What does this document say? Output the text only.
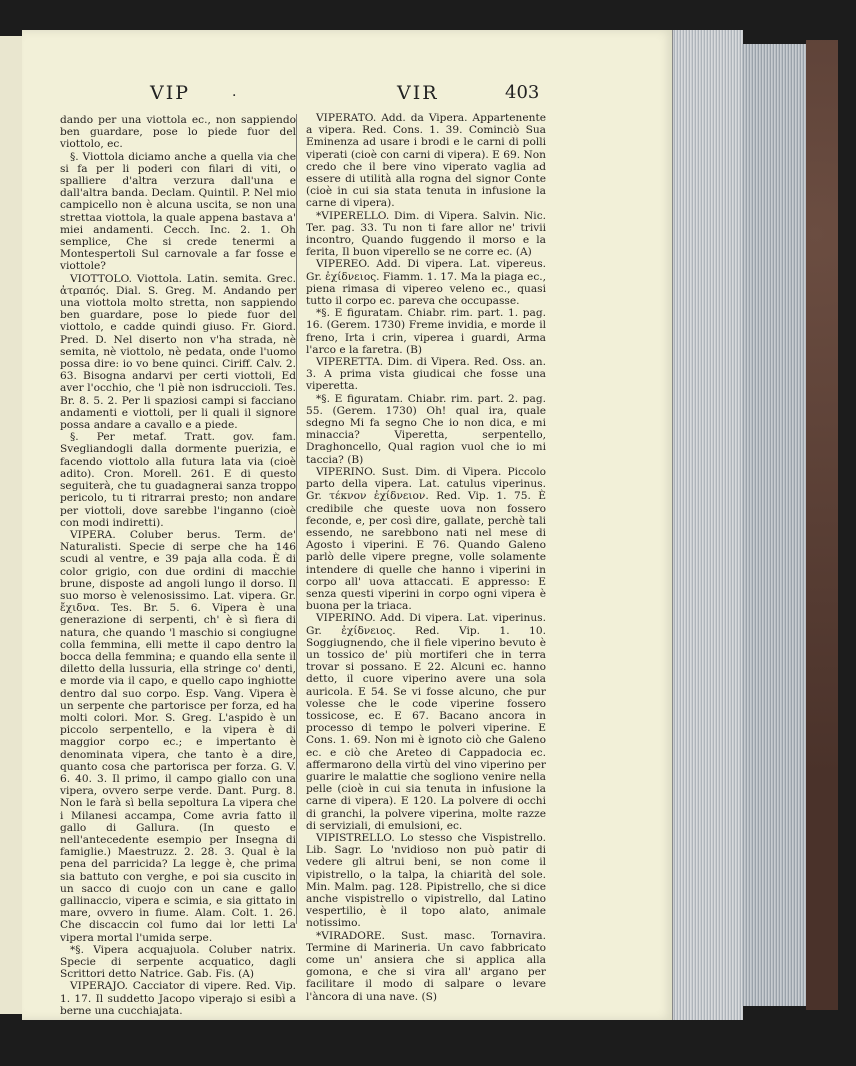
VIP	·	VIR	403

dando per una viottola ec., non sappiendo ben guardare, pose lo piede fuor del viottolo, ec.

§. Viottola diciamo anche a quella via che si fa per li poderi con filari di viti, o spalliere d'altra verzura dall'una e dall'altra banda. Declam. Quintil. P. Nel mio campicello non è alcuna uscita, se non una strettaa viottola, la quale appena bastava a' miei andamenti. Cecch. Inc. 2. 1. Oh semplice, Che si crede tenermi a Montespertoli Sul carnovale a far fosse e viottole?

VIOTTOLO. Viottola. Latin. semita. Grec. ἀτραπός. Dial. S. Greg. M. Andando per una viottola molto stretta, non sappiendo ben guardare, pose lo piede fuor del viottolo, e cadde quindi giuso. Fr. Giord. Pred. D. Nel diserto non v'ha strada, nè semita, nè viottolo, nè pedata, onde l'uomo possa dire: io vo bene quinci. Ciriff. Calv. 2. 63. Bisogna andarvi per certi viottoli, Ed aver l'occhio, che 'l piè non isdruccioli. Tes. Br. 8. 5. 2. Per li spaziosi campi si facciano andamenti e viottoli, per li quali il signore possa andare a cavallo e a piede.

§. Per metaf. Tratt. gov. fam. Svegliandogli dalla dormente puerizia, e facendo viottolo alla futura lata via (cioè adito). Cron. Morell. 261. E di questo seguiterà, che tu guadagnerai sanza troppo pericolo, tu ti ritrarrai presto; non andare per viottoli, dove sarebbe l'inganno (cioè con modi indiretti).

VIPERA. Coluber berus. Term. de' Naturalisti. Specie di serpe che ha 146 scudi al ventre, e 39 paja alla coda. È di color grigio, con due ordini di macchie brune, disposte ad angoli lungo il dorso. Il suo morso è velenosissimo. Lat. vipera. Gr. ἔχιδνα. Tes. Br. 5. 6. Vipera è una generazione di serpenti, ch' è sì fiera di natura, che quando 'l maschio si congiugne colla femmina, elli mette il capo dentro la bocca della femmina; e quando ella sente il diletto della lussuria, ella stringe co' denti, e morde via il capo, e quello capo inghiotte dentro dal suo corpo. Esp. Vang. Vipera è un serpente che partorisce per forza, ed ha molti colori. Mor. S. Greg. L'aspido è un piccolo serpentello, e la vipera è di maggior corpo ec.; e impertanto è denominata vipera, che tanto è a dire, quanto cosa che partorisca per forza. G. V. 6. 40. 3. Il primo, il campo giallo con una vipera, ovvero serpe verde. Dant. Purg. 8. Non le farà sì bella sepoltura La vipera che i Milanesi accampa, Come avria fatto il gallo di Gallura. (In questo e nell'antecedente esempio per Insegna di famiglie.) Maestruzz. 2. 28. 3. Qual è la pena del parricida? La legge è, che prima sia battuto con verghe, e poi sia cuscito in un sacco di cuojo con un cane e gallo gallinaccio, vipera e scimia, e sia gittato in mare, ovvero in fiume. Alam. Colt. 1. 26. Che discaccin col fumo dai lor letti La vipera mortal l'umida serpe.

*§. Vipera acquajuola. Coluber natrix. Specie di serpente acquatico, dagli Scrittori detto Natrice. Gab. Fis. (A)

VIPERAJO. Cacciator di vipere. Red. Vip. 1. 17. Il suddetto Jacopo viperajo si esibì a berne una cucchiajata.

VIPERATO. Add. da Vipera. Appartenente a vipera. Red. Cons. 1. 39. Cominciò Sua Eminenza ad usare i brodi e le carni di polli viperati (cioè con carni di vipera). E 69. Non credo che il bere vino viperato vaglia ad essere di utilità alla rogna del signor Conte (cioè in cui sia stata tenuta in infusione la carne di vipera).

*VIPERELLO. Dim. di Vipera. Salvin. Nic. Ter. pag. 33. Tu non ti fare allor ne' trivii incontro, Quando fuggendo il morso e la ferita, Il buon viperello se ne corre ec. (A)

VIPEREO. Add. Di vipera. Lat. vipereus. Gr. ἐχίδνειος. Fiamm. 1. 17. Ma la piaga ec., piena rimasa di vipereo veleno ec., quasi tutto il corpo ec. pareva che occupasse.

*§. E figuratam. Chiabr. rim. part. 1. pag. 16. (Gerem. 1730) Freme invidia, e morde il freno, Irta i crin, viperea i guardi, Arma l'arco e la faretra. (B)

VIPERETTA. Dim. di Vipera. Red. Oss. an. 3. A prima vista giudicai che fosse una viperetta.

*§. E figuratam. Chiabr. rim. part. 2. pag. 55. (Gerem. 1730) Oh! qual ira, quale sdegno Mi fa segno Che io non dica, e mi minaccia? Viperetta, serpentello, Draghoncello, Qual ragion vuol che io mi taccia? (B)

VIPERINO. Sust. Dim. di Vipera. Piccolo parto della vipera. Lat. catulus viperinus. Gr. τέκνον ἐχίδνειον. Red. Vip. 1. 75. È credibile che queste uova non fossero feconde, e, per così dire, gallate, perchè tali essendo, ne sarebbono nati nel mese di Agosto i viperini. E 76. Quando Galeno parlò delle vipere pregne, volle solamente intendere di quelle che hanno i viperini in corpo all' uova attaccati. E appresso: E senza questi viperini in corpo ogni vipera è buona per la triaca.

VIPERINO. Add. Di vipera. Lat. viperinus. Gr. ἐχίδνειος. Red. Vip. 1. 10. Soggiugnendo, che il fiele viperino bevuto è un tossico de' più mortiferi che in terra trovar si possano. E 22. Alcuni ec. hanno detto, il cuore viperino avere una sola auricola. E 54. Se vi fosse alcuno, che pur volesse che le code viperine fossero tossicose, ec. E 67. Bacano ancora in processo di tempo le polveri viperine. E Cons. 1. 69. Non mi è ignoto ciò che Galeno ec. e ciò che Areteo di Cappadocia ec. affermarono della virtù del vino viperino per guarire le malattie che sogliono venire nella pelle (cioè in cui sia tenuta in infusione la carne di vipera). E 120. La polvere di occhi di granchi, la polvere viperina, molte razze di serviziali, di emulsioni, ec.

VIPISTRELLO. Lo stesso che Vispistrello. Lib. Sagr. Lo 'nvidioso non può patir di vedere gli altrui beni, se non come il vipistrello, o la talpa, la chiarità del sole. Min. Malm. pag. 128. Pipistrello, che si dice anche vispistrello o vipistrello, dal Latino vespertilio, è il topo alato, animale notissimo.

*VIRADORE. Sust. masc. Tornavira. Termine di Marineria. Un cavo fabbricato come un' ansiera che si applica alla gomona, e che si vira all' argano per facilitare il modo di salpare o levare l'àncora di una nave. (S)
